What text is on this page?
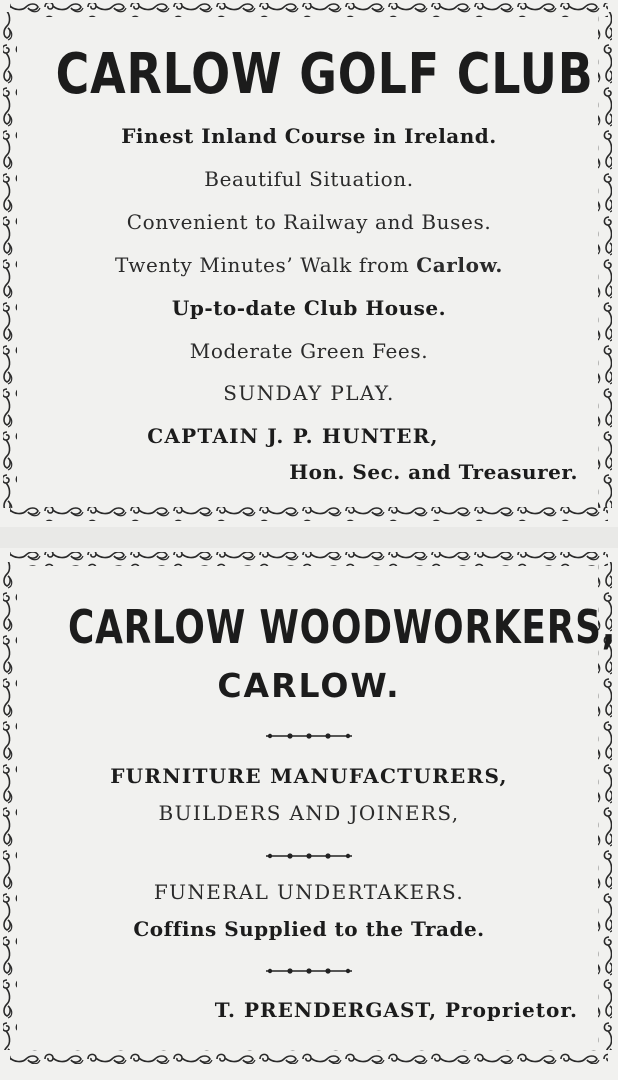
CARLOW GOLF CLUB

Finest Inland Course in Ireland.

Beautiful Situation.

Convenient to Railway and Buses.

Twenty Minutes’ Walk from Carlow.

Up-to-date Club House.

Moderate Green Fees.

SUNDAY PLAY.

CAPTAIN J. P. HUNTER,

Hon. Sec. and Treasurer.

CARLOW WOODWORKERS,
CARLOW.

FURNITURE MANUFACTURERS,

BUILDERS AND JOINERS,

FUNERAL UNDERTAKERS.

Coffins Supplied to the Trade.

T. PRENDERGAST, Proprietor.
